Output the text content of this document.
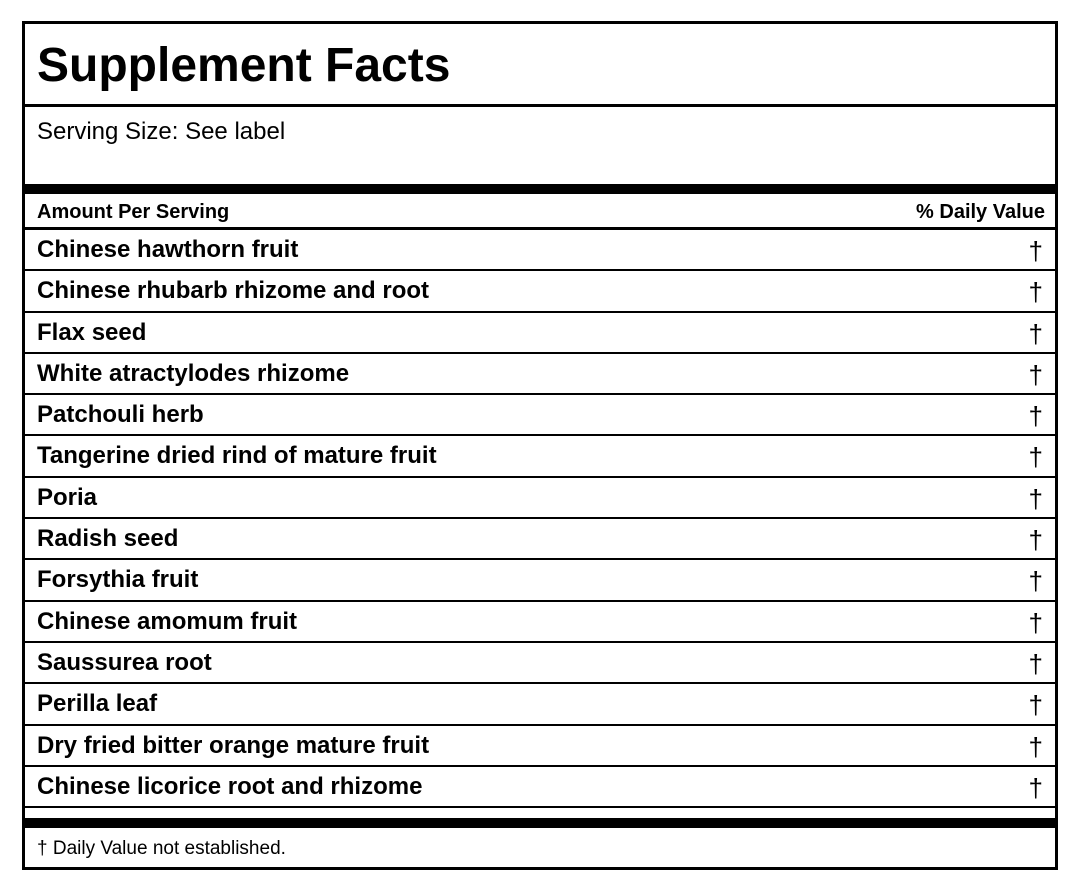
Supplement Facts
Serving Size: See label
Amount Per Serving	% Daily Value
Chinese hawthorn fruit	†
Chinese rhubarb rhizome and root	†
Flax seed	†
White atractylodes rhizome	†
Patchouli herb	†
Tangerine dried rind of mature fruit	†
Poria	†
Radish seed	†
Forsythia fruit	†
Chinese amomum fruit	†
Saussurea root	†
Perilla leaf	†
Dry fried bitter orange mature fruit	†
Chinese licorice root and rhizome	†
† Daily Value not established.
